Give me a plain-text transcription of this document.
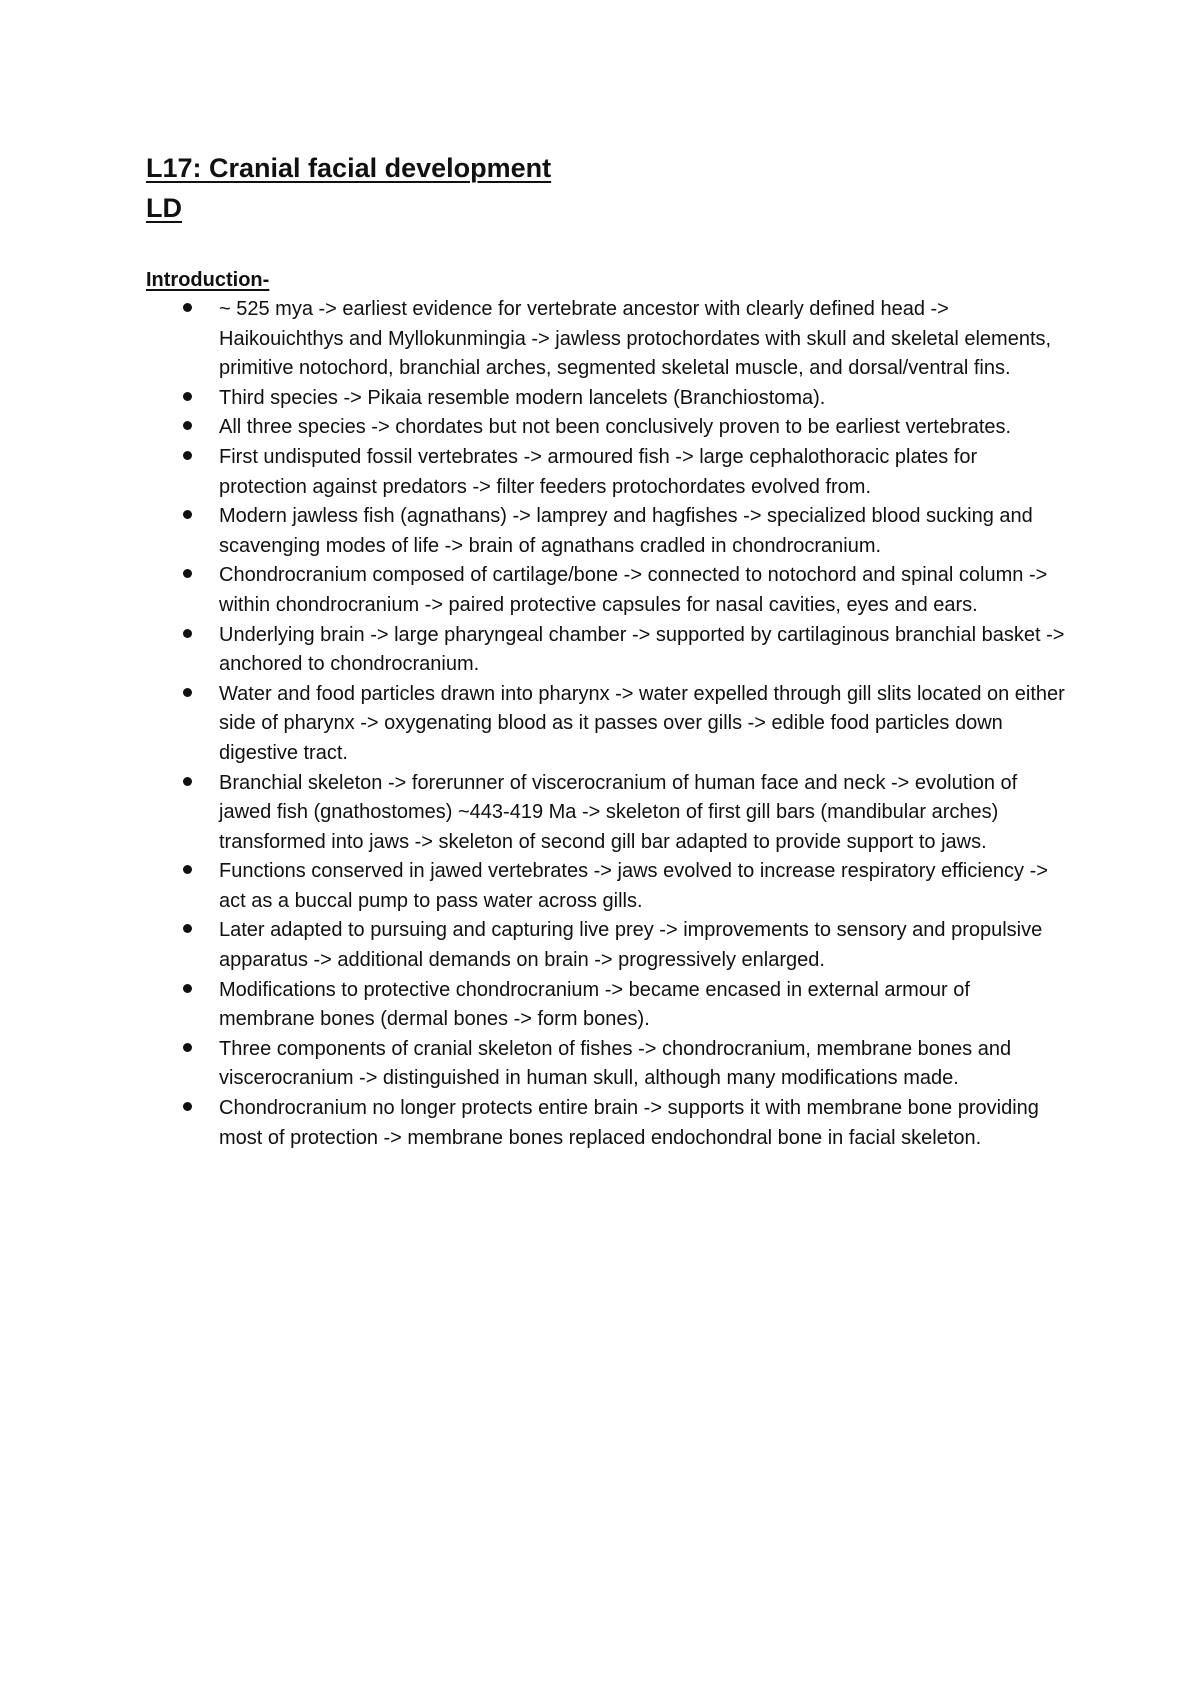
L17: Cranial facial development
LD
Introduction-
~ 525 mya -> earliest evidence for vertebrate ancestor with clearly defined head -> Haikouichthys and Myllokunmingia -> jawless protochordates with skull and skeletal elements, primitive notochord, branchial arches, segmented skeletal muscle, and dorsal/ventral fins.
Third species -> Pikaia resemble modern lancelets (Branchiostoma).
All three species -> chordates but not been conclusively proven to be earliest vertebrates.
First undisputed fossil vertebrates -> armoured fish -> large cephalothoracic plates for protection against predators -> filter feeders protochordates evolved from.
Modern jawless fish (agnathans) -> lamprey and hagfishes -> specialized blood sucking and scavenging modes of life -> brain of agnathans cradled in chondrocranium.
Chondrocranium composed of cartilage/bone -> connected to notochord and spinal column -> within chondrocranium -> paired protective capsules for nasal cavities, eyes and ears.
Underlying brain -> large pharyngeal chamber -> supported by cartilaginous branchial basket -> anchored to chondrocranium.
Water and food particles drawn into pharynx -> water expelled through gill slits located on either side of pharynx -> oxygenating blood as it passes over gills -> edible food particles down digestive tract.
Branchial skeleton -> forerunner of viscerocranium of human face and neck -> evolution of jawed fish (gnathostomes) ~443-419 Ma -> skeleton of first gill bars (mandibular arches) transformed into jaws -> skeleton of second gill bar adapted to provide support to jaws.
Functions conserved in jawed vertebrates -> jaws evolved to increase respiratory efficiency -> act as a buccal pump to pass water across gills.
Later adapted to pursuing and capturing live prey -> improvements to sensory and propulsive apparatus -> additional demands on brain -> progressively enlarged.
Modifications to protective chondrocranium -> became encased in external armour of membrane bones (dermal bones -> form bones).
Three components of cranial skeleton of fishes -> chondrocranium, membrane bones and viscerocranium -> distinguished in human skull, although many modifications made.
Chondrocranium no longer protects entire brain -> supports it with membrane bone providing most of protection -> membrane bones replaced endochondral bone in facial skeleton.
